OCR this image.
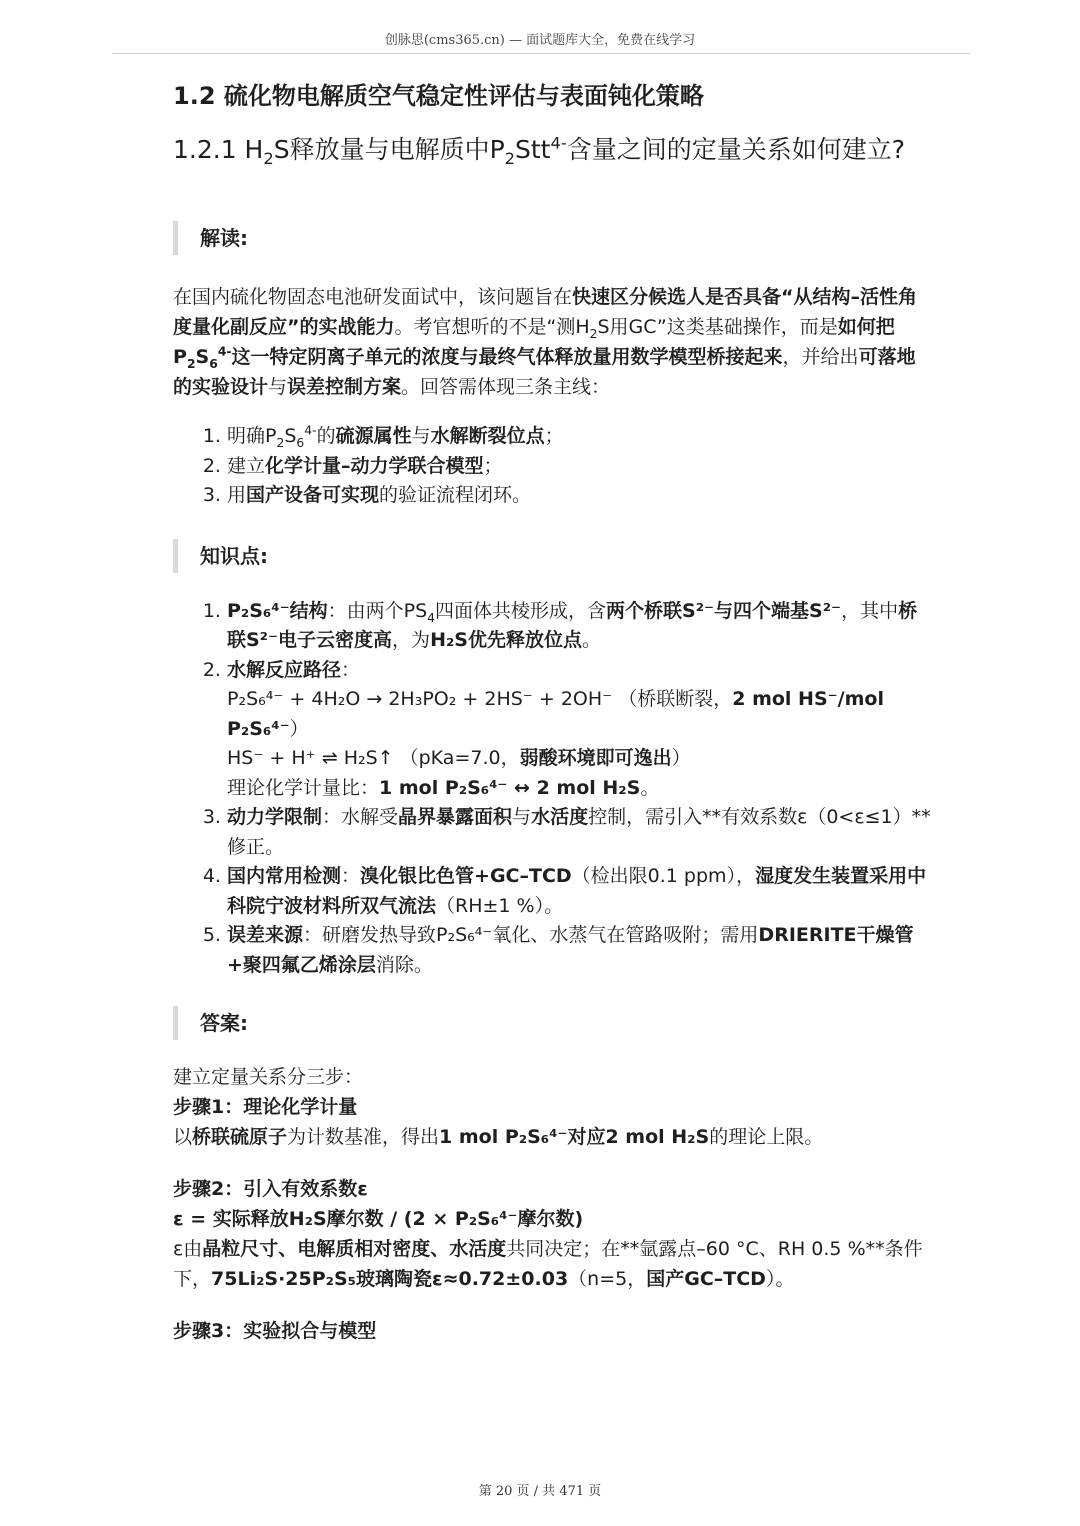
创脉思(cms365.cn) — 面试题库大全，免费在线学习
1.2 硫化物电解质空气稳定性评估与表面钝化策略
1.2.1 $H_2S$释放量与电解质中$P_2Stt^{4-}$含量之间的定量关系如何建立?
解读:

在国内硫化物固态电池研发面试中，该问题旨在快速区分候选人是否具备“从结构–活性角度量化副反应”的实战能力。考官想听的不是“测$H_2S$用GC”这类基础操作，而是如何把$P_2S_6^{4-}$这一特定阴离子单元的浓度与最终气体释放量用数学模型桥接起来，并给出可落地的实验设计与误差控制方案。回答需体现三条主线：

1. 明确$P_2S_6^{4-}$的硫源属性与水解断裂位点；
2. 建立化学计量–动力学联合模型；
3. 用国产设备可实现的验证流程闭环。
知识点:
1. P₂S₆⁴⁻结构：由两个$PS_4$四面体共棱形成，含两个桥联S²⁻与四个端基S²⁻，其中桥联S²⁻电子云密度高，为H₂S优先释放位点。
2. 水解反应路径：
P₂S₆⁴⁻ + 4H₂O → 2H₃PO₂ + 2HS⁻ + 2OH⁻ （桥联断裂，2 mol HS⁻/mol P₂S₆⁴⁻）
HS⁻ + H⁺ ⇌ H₂S↑ （pKa=7.0，弱酸环境即可逸出）
理论化学计量比：1 mol P₂S₆⁴⁻ ↔ 2 mol H₂S。
3. 动力学限制：水解受晶界暴露面积与水活度控制，需引入**有效系数ε（0<ε≤1）**修正。
4. 国内常用检测：溴化银比色管+GC–TCD（检出限0.1 ppm），湿度发生装置采用中科院宁波材料所双气流法（RH±1 %）。
5. 误差来源：研磨发热导致P₂S₆⁴⁻氧化、水蒸气在管路吸附；需用DRIERITE干燥管+聚四氟乙烯涂层消除。
答案:

建立定量关系分三步：

步骤1：理论化学计量

以桥联硫原子为计数基准，得出1 mol P₂S₆⁴⁻对应2 mol H₂S的理论上限。

步骤2：引入有效系数ε

ε = 实际释放H₂S摩尔数 / (2 × P₂S₆⁴⁻摩尔数)

ε由晶粒尺寸、电解质相对密度、水活度共同决定；在**氩露点–60 °C、RH 0.5 %**条件下，75Li₂S·25P₂S₅玻璃陶瓷ε≈0.72±0.03（n=5，国产GC–TCD）。

步骤3：实验拟合与模型

第 20 页 / 共 471 页
